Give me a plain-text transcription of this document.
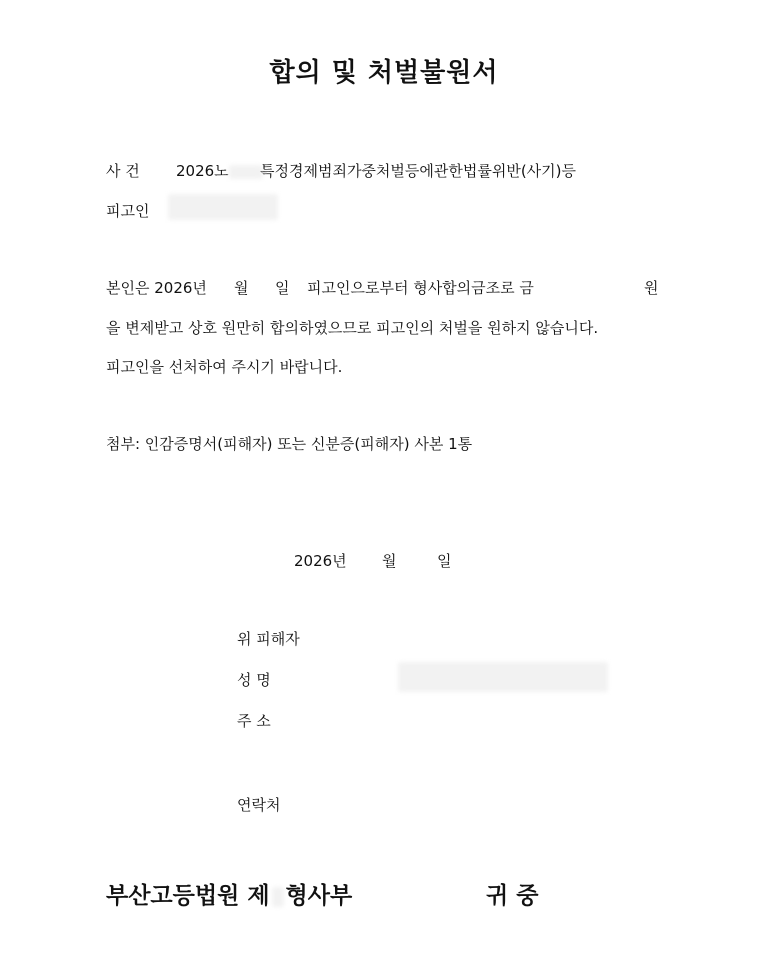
합의 및 처벌불원서
사 건 2026노	특정경제범죄가중처벌등에관한법률위반(사기)등
피고인
본인은 2026년 월 일 피고인으로부터 형사합의금조로 금	원
을 변제받고 상호 원만히 합의하였으므로 피고인의 처벌을 원하지 않습니다.
피고인을 선처하여 주시기 바랍니다.
첨부: 인감증명서(피해자) 또는 신분증(피해자) 사본 1통
2026년 월	일
위 피해자
성 명
주 소
연락처
부산고등법원 제 형사부	귀 중
